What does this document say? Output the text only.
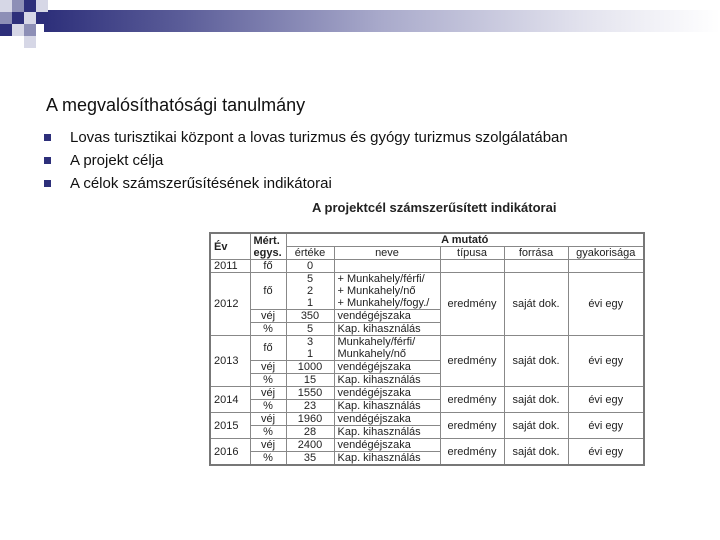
A megvalósíthatósági tanulmány
Lovas turisztikai központ a lovas turizmus és gyógy turizmus szolgálatában
A projekt célja
A célok számszerűsítésének indikátorai
A projektcél számszerűsített indikátorai
Év	Mért. egys.	A mutató				
		értéke	neve	típusa	forrása	gyakorisága
2011	fő	0				
2012	fő	5	+ Munkahely/férfi/	eredmény	saját dok.	évi egy
		2	+ Munkahely/nő			
		1	+ Munkahely/fogy./			
	véj	350	vendégéjszaka			
	%	5	Kap. kihasználás			
2013	fő	3	Munkahely/férfi/	eredmény	saját dok.	évi egy
		1	Munkahely/nő			
	véj	1000	vendégéjszaka			
	%	15	Kap. kihasználás			
2014	véj	1550	vendégéjszaka	eredmény	saját dok.	évi egy
	%	23	Kap. kihasználás			
2015	véj	1960	vendégéjszaka	eredmény	saját dok.	évi egy
	%	28	Kap. kihasználás			
2016	véj	2400	vendégéjszaka	eredmény	saját dok.	évi egy
	%	35	Kap. kihasználás			
